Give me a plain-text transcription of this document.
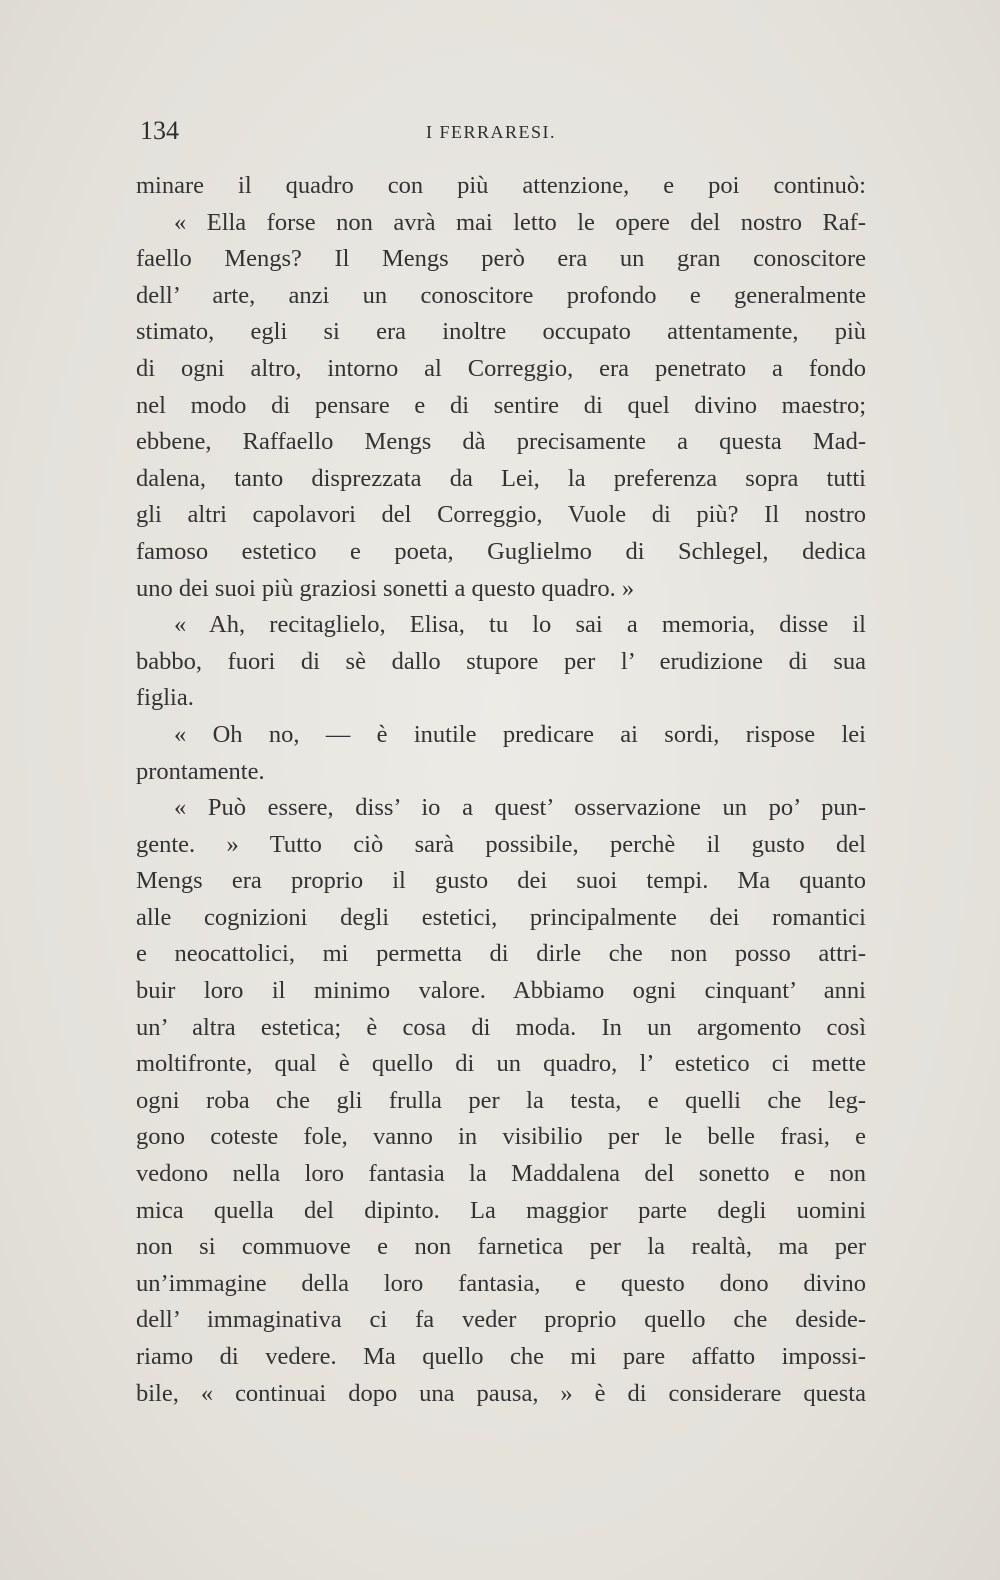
134	I FERRARESI.
minare il quadro con più attenzione, e poi continuò:
« Ella forse non avrà mai letto le opere del nostro Raf-
faello Mengs? Il Mengs però era un gran conoscitore
dell’ arte, anzi un conoscitore profondo e generalmente
stimato, egli si era inoltre occupato attentamente, più
di ogni altro, intorno al Correggio, era penetrato a fondo
nel modo di pensare e di sentire di quel divino maestro;
ebbene, Raffaello Mengs dà precisamente a questa Mad-
dalena, tanto disprezzata da Lei, la preferenza sopra tutti
gli altri capolavori del Correggio, Vuole di più? Il nostro
famoso estetico e poeta, Guglielmo di Schlegel, dedica
uno dei suoi più graziosi sonetti a questo quadro. »
« Ah, recitaglielo, Elisa, tu lo sai a memoria, disse il
babbo, fuori di sè dallo stupore per l’ erudizione di sua
figlia.
« Oh no, — è inutile predicare ai sordi, rispose lei
prontamente.
« Può essere, diss’ io a quest’ osservazione un po’ pun-
gente. » Tutto ciò sarà possibile, perchè il gusto del
Mengs era proprio il gusto dei suoi tempi. Ma quanto
alle cognizioni degli estetici, principalmente dei romantici
e neocattolici, mi permetta di dirle che non posso attri-
buir loro il minimo valore. Abbiamo ogni cinquant’ anni
un’ altra estetica; è cosa di moda. In un argomento così
moltifronte, qual è quello di un quadro, l’ estetico ci mette
ogni roba che gli frulla per la testa, e quelli che leg-
gono coteste fole, vanno in visibilio per le belle frasi, e
vedono nella loro fantasia la Maddalena del sonetto e non
mica quella del dipinto. La maggior parte degli uomini
non si commuove e non farnetica per la realtà, ma per
un’immagine della loro fantasia, e questo dono divino
dell’ immaginativa ci fa veder proprio quello che deside-
riamo di vedere. Ma quello che mi pare affatto impossi-
bile, « continuai dopo una pausa, » è di considerare questa
